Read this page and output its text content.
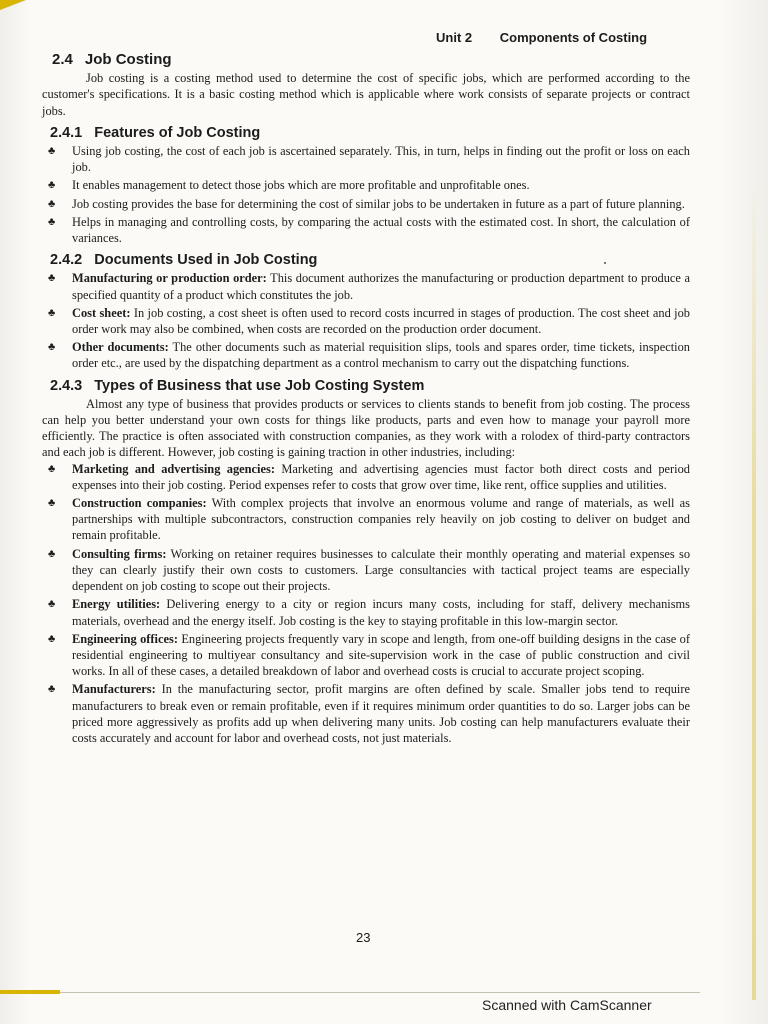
Unit 2 Components of Costing
2.4 Job Costing

Job costing is a costing method used to determine the cost of specific jobs, which are performed according to the customer's specifications. It is a basic costing method which is applicable where work consists of separate projects or contract jobs.

2.4.1 Features of Job Costing
♣ Using job costing, the cost of each job is ascertained separately. This, in turn, helps in finding out the profit or loss on each job.
♣ It enables management to detect those jobs which are more profitable and unprofitable ones.
♣ Job costing provides the base for determining the cost of similar jobs to be undertaken in future as a part of future planning.
♣ Helps in managing and controlling costs, by comparing the actual costs with the estimated cost. In short, the calculation of variances.
2.4.2 Documents Used in Job Costing
♣ Manufacturing or production order: This document authorizes the manufacturing or production department to produce a specified quantity of a product which constitutes the job.
♣ Cost sheet: In job costing, a cost sheet is often used to record costs incurred in stages of production. The cost sheet and job order work may also be combined, when costs are recorded on the production order document.
♣ Other documents: The other documents such as material requisition slips, tools and spares order, time tickets, inspection order etc., are used by the dispatching department as a control mechanism to carry out the dispatching functions.
2.4.3 Types of Business that use Job Costing System

Almost any type of business that provides products or services to clients stands to benefit from job costing. The process can help you better understand your own costs for things like products, parts and even how to manage your payroll more efficiently. The practice is often associated with construction companies, as they work with a rolodex of third-party contractors and each job is different. However, job costing is gaining traction in other industries, including:

♣ Marketing and advertising agencies: Marketing and advertising agencies must factor both direct costs and period expenses into their job costing. Period expenses refer to costs that grow over time, like rent, office supplies and utilities.
♣ Construction companies: With complex projects that involve an enormous volume and range of materials, as well as partnerships with multiple subcontractors, construction companies rely heavily on job costing to deliver on budget and remain profitable.
♣ Consulting firms: Working on retainer requires businesses to calculate their monthly operating and material expenses so they can clearly justify their own costs to customers. Large consultancies with tactical project teams are especially dependent on job costing to scope out their projects.
♣ Energy utilities: Delivering energy to a city or region incurs many costs, including for staff, delivery mechanisms materials, overhead and the energy itself. Job costing is the key to staying profitable in this low-margin sector.
♣ Engineering offices: Engineering projects frequently vary in scope and length, from one-off building designs in the case of residential engineering to multiyear consultancy and site-supervision work in the case of public construction and civil works. In all of these cases, a detailed breakdown of labor and overhead costs is crucial to accurate project scoping.
♣ Manufacturers: In the manufacturing sector, profit margins are often defined by scale. Smaller jobs tend to require manufacturers to break even or remain profitable, even if it requires minimum order quantities to do so. Larger jobs can be priced more aggressively as profits add up when delivering many units. Job costing can help manufacturers evaluate their costs accurately and account for labor and overhead costs, not just materials.
23
Scanned with CamScanner
